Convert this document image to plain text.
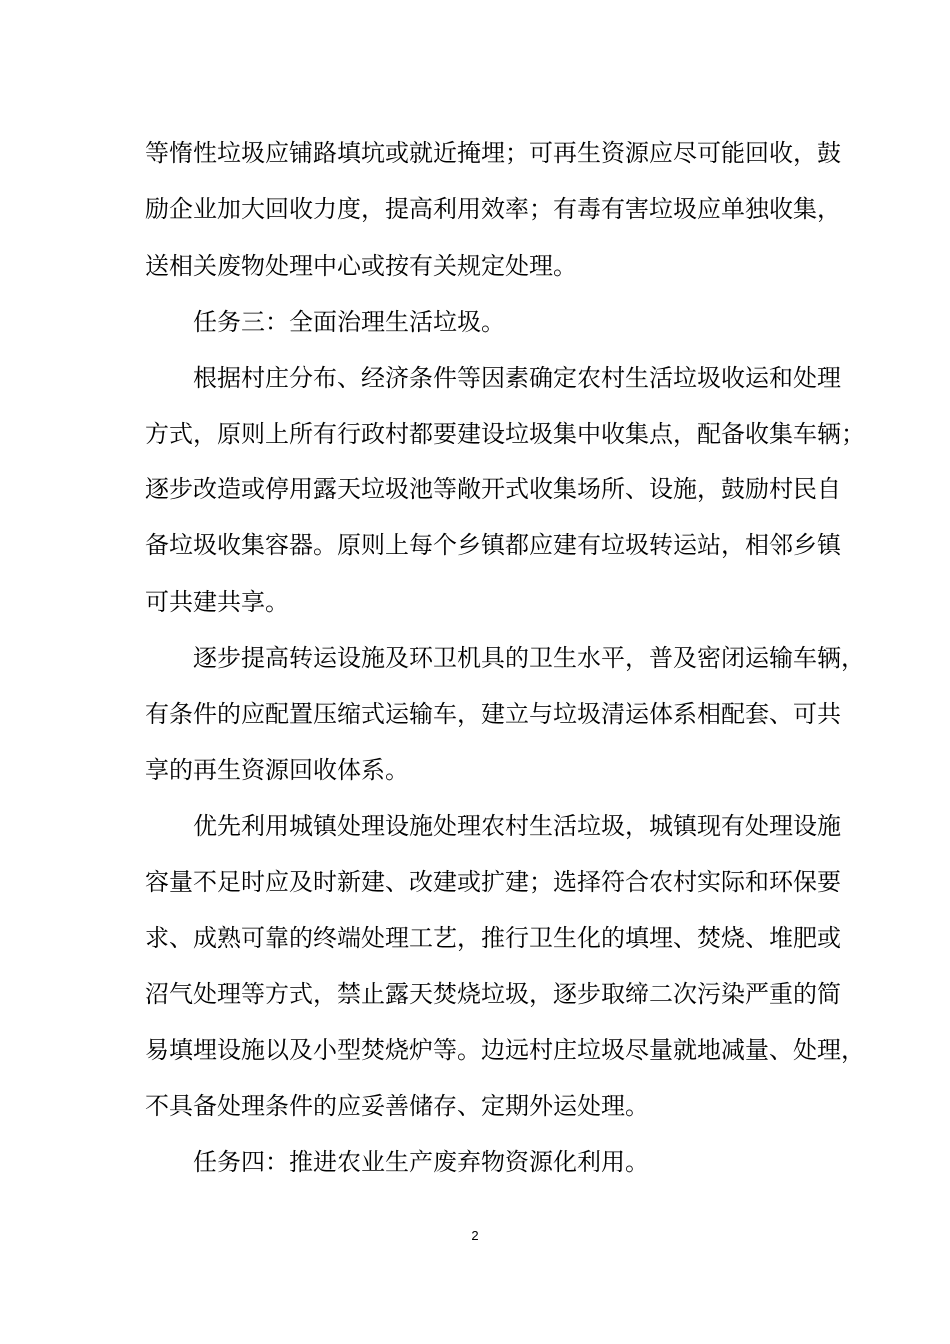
等惰性垃圾应铺路填坑或就近掩埋；可再生资源应尽可能回收，鼓
励企业加大回收力度，提高利用效率；有毒有害垃圾应单独收集，
送相关废物处理中心或按有关规定处理。
任务三：全面治理生活垃圾。
根据村庄分布、经济条件等因素确定农村生活垃圾收运和处理
方式，原则上所有行政村都要建设垃圾集中收集点，配备收集车辆；
逐步改造或停用露天垃圾池等敞开式收集场所、设施，鼓励村民自
备垃圾收集容器。原则上每个乡镇都应建有垃圾转运站，相邻乡镇
可共建共享。
逐步提高转运设施及环卫机具的卫生水平，普及密闭运输车辆，
有条件的应配置压缩式运输车，建立与垃圾清运体系相配套、可共
享的再生资源回收体系。
优先利用城镇处理设施处理农村生活垃圾，城镇现有处理设施
容量不足时应及时新建、改建或扩建；选择符合农村实际和环保要
求、成熟可靠的终端处理工艺，推行卫生化的填埋、焚烧、堆肥或
沼气处理等方式，禁止露天焚烧垃圾，逐步取缔二次污染严重的简
易填埋设施以及小型焚烧炉等。边远村庄垃圾尽量就地减量、处理，
不具备处理条件的应妥善储存、定期外运处理。
任务四：推进农业生产废弃物资源化利用。
2
